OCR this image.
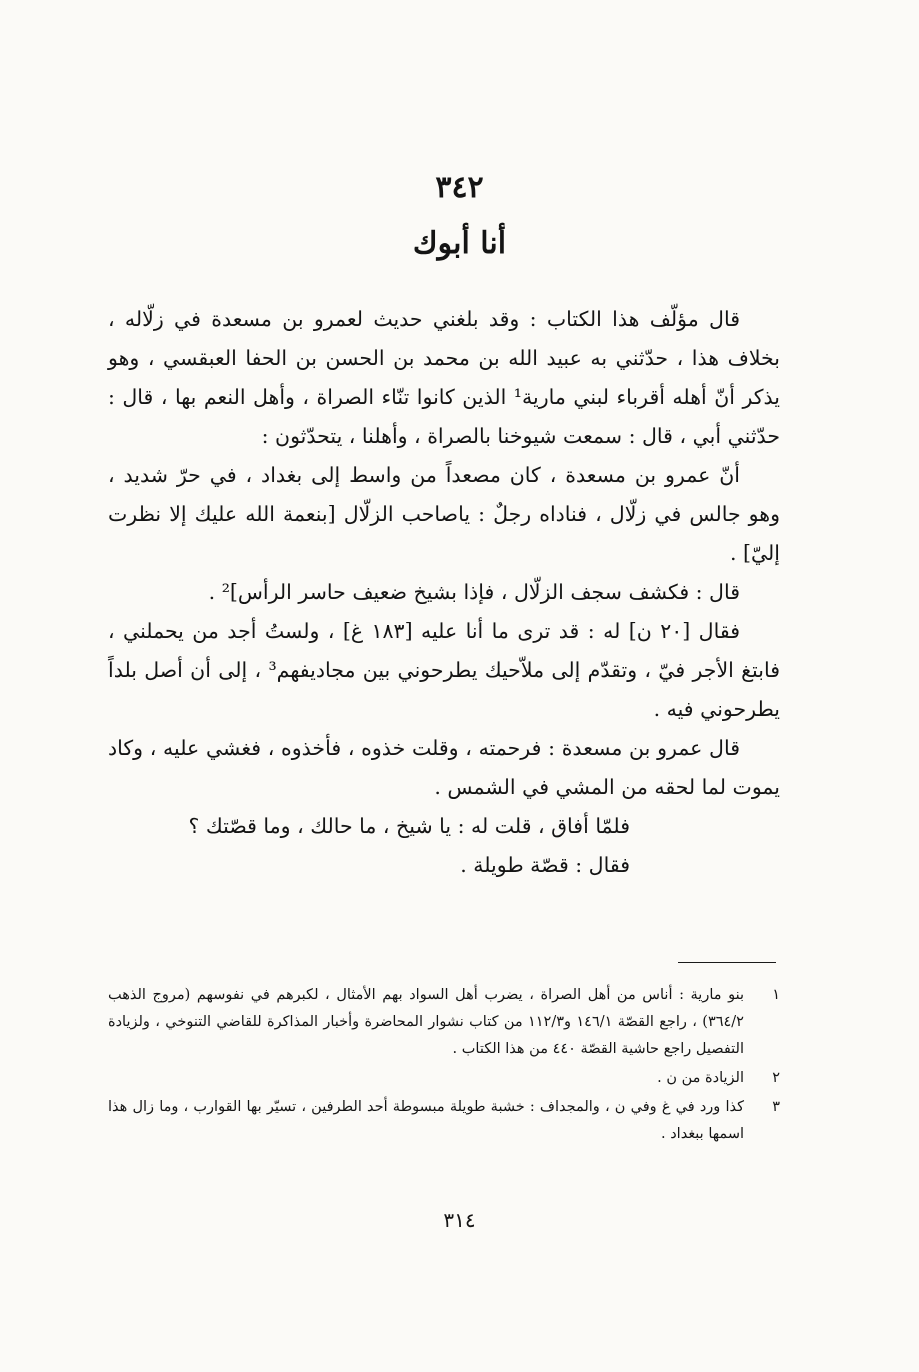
٣٤٢
أنا أبوك

قال مؤلّف هذا الكتاب : وقد بلغني حديث لعمرو بن مسعدة في زلّاله ، بخلاف هذا ، حدّثني به عبيد الله بن محمد بن الحسن بن الحفا العبقسي ، وهو يذكر أنّ أهله أقرباء لبني مارية¹ الذين كانوا تنّاء الصراة ، وأهل النعم بها ، قال : حدّثني أبي ، قال : سمعت شيوخنا بالصراة ، وأهلنا ، يتحدّثون :

أنّ عمرو بن مسعدة ، كان مصعداً من واسط إلى بغداد ، في حرّ شديد ، وهو جالس في زلّال ، فناداه رجلٌ : ياصاحب الزلّال [بنعمة الله عليك إلا نظرت إليّ] .

قال : فكشف سجف الزلّال ، فإذا بشيخ ضعيف حاسر الرأس]² .

فقال [٢٠ ن] له : قد ترى ما أنا عليه [١٨٣ غ] ، ولستُ أجد من يحملني ، فابتغ الأجر فيّ ، وتقدّم إلى ملاّحيك يطرحوني بين مجاديفهم³ ، إلى أن أصل بلداً يطرحوني فيه .

قال عمرو بن مسعدة : فرحمته ، وقلت خذوه ، فأخذوه ، فغشي عليه ، وكاد يموت لما لحقه من المشي في الشمس .

فلمّا أفاق ، قلت له : يا شيخ ، ما حالك ، وما قصّتك ؟

فقال : قصّة طويلة .

١
بنو مارية : أناس من أهل الصراة ، يضرب أهل السواد بهم الأمثال ، لكبرهم في نفوسهم (مروج الذهب ٣٦٤/٢) ، راجع القصّة ١٤٦/١ و١١٢/٣ من كتاب نشوار المحاضرة وأخبار المذاكرة للقاضي التنوخي ، ولزيادة التفصيل راجع حاشية القصّة ٤٤٠ من هذا الكتاب .
٢
الزيادة من ن .
٣
كذا ورد في غ وفي ن ، والمجداف : خشبة طويلة مبسوطة أحد الطرفين ، تسيّر بها القوارب ، وما زال هذا اسمها ببغداد .
٣١٤
